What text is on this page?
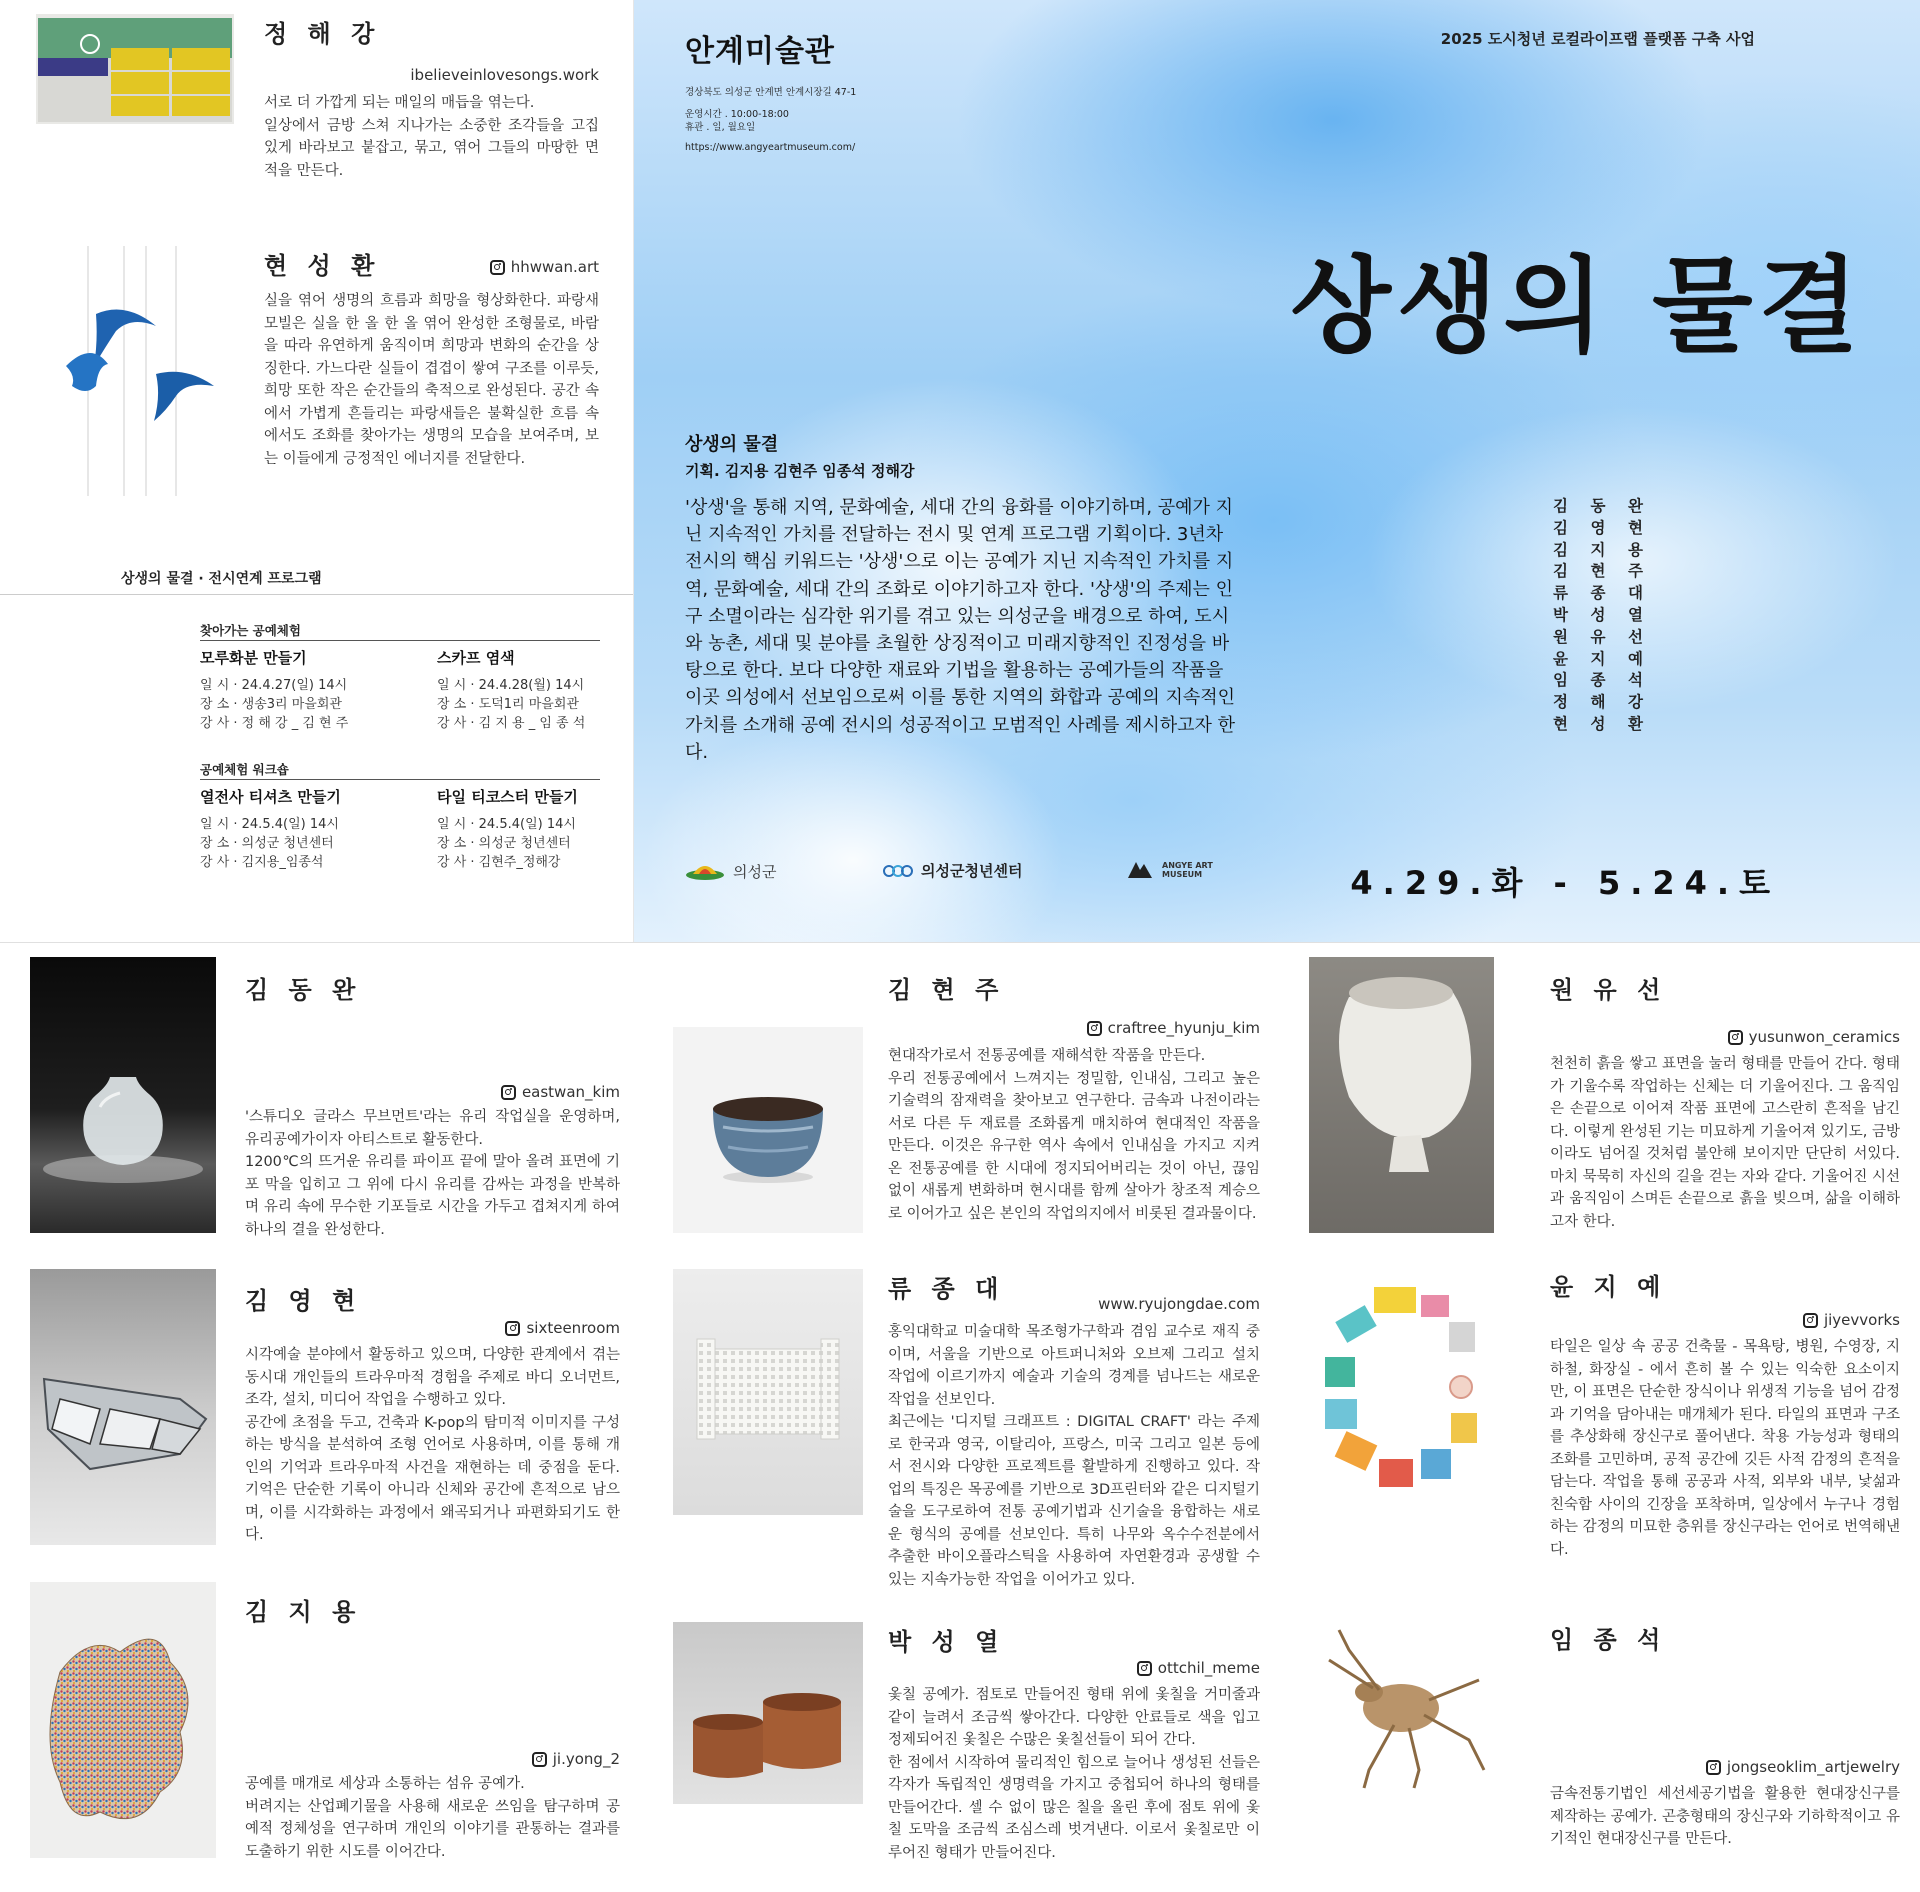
정 해 강
ibelieveinlovesongs.work
서로 더 가깝게 되는 매일의 매듭을 엮는다.
일상에서 금방 스쳐 지나가는 소중한 조각들을 고집 있게 바라보고 붙잡고, 묶고, 엮어 그들의 마땅한 면적을 만든다.
현 성 환	hhwwan.art
실을 엮어 생명의 흐름과 희망을 형상화한다. 파랑새 모빌은 실을 한 올 한 올 엮어 완성한 조형물로, 바람을 따라 유연하게 움직이며 희망과 변화의 순간을 상징한다. 가느다란 실들이 겹겹이 쌓여 구조를 이루듯, 희망 또한 작은 순간들의 축적으로 완성된다. 공간 속에서 가볍게 흔들리는 파랑새들은 불확실한 흐름 속에서도 조화를 찾아가는 생명의 모습을 보여주며, 보는 이들에게 긍정적인 에너지를 전달한다.
상생의 물결 · 전시연계 프로그램
찾아가는 공예체험
모루화분 만들기
일 시 · 24.4.27(일) 14시
장 소 · 생송3리 마을회관
강 사 · 정 해 강 _ 김 현 주
스카프 염색
일 시 · 24.4.28(월) 14시
장 소 · 도덕1리 마을회관
강 사 · 김 지 용 _ 임 종 석
공예체험 워크숍
열전사 티셔츠 만들기
일 시 · 24.5.4(일) 14시
장 소 · 의성군 청년센터
강 사 · 김지용_임종석
타일 티코스터 만들기
일 시 · 24.5.4(일) 14시
장 소 · 의성군 청년센터
강 사 · 김현주_정해강
안계미술관
경상북도 의성군 안계면 안계시장길 47-1
운영시간 . 10:00-18:00
휴관 . 일, 월요일
https://www.angyeartmuseum.com/
2025 도시청년 로컬라이프랩 플랫폼 구축 사업
상생의 물결
상생의 물결
기획. 김지용 김현주 임종석 정해강
'상생'을 통해 지역, 문화예술, 세대 간의 융화를 이야기하며, 공예가 지닌 지속적인 가치를 전달하는 전시 및 연계 프로그램 기획이다. 3년차 전시의 핵심 키워드는 '상생'으로 이는 공예가 지닌 지속적인 가치를 지역, 문화예술, 세대 간의 조화로 이야기하고자 한다. '상생'의 주제는 인구 소멸이라는 심각한 위기를 겪고 있는 의성군을 배경으로 하여, 도시와 농촌, 세대 및 분야를 초월한 상징적이고 미래지향적인 진정성을 바탕으로 한다. 보다 다양한 재료와 기법을 활용하는 공예가들의 작품을 이곳 의성에서 선보임으로써 이를 통한 지역의 화합과 공예의 지속적인 가치를 소개해 공예 전시의 성공적이고 모범적인 사례를 제시하고자 한다.
김 동 완
김 영 현
김 지 용
김 현 주
류 종 대
박 성 열
원 유 선
윤 지 예
임 종 석
정 해 강
현 성 환
의성군	의성군청년센터	ANGYE ART MUSEUM	4.29.화 - 5.24.토
김 동 완
eastwan_kim
'스튜디오 글라스 무브먼트'라는 유리 작업실을 운영하며, 유리공예가이자 아티스트로 활동한다.
1200℃의 뜨거운 유리를 파이프 끝에 말아 올려 표면에 기포 막을 입히고 그 위에 다시 유리를 감싸는 과정을 반복하며 유리 속에 무수한 기포들로 시간을 가두고 겹쳐지게 하여 하나의 결을 완성한다.
김 영 현
sixteenroom
시각예술 분야에서 활동하고 있으며, 다양한 관계에서 겪는 동시대 개인들의 트라우마적 경험을 주제로 바디 오너먼트, 조각, 설치, 미디어 작업을 수행하고 있다.
공간에 초점을 두고, 건축과 K-pop의 탐미적 이미지를 구성하는 방식을 분석하여 조형 언어로 사용하며, 이를 통해 개인의 기억과 트라우마적 사건을 재현하는 데 중점을 둔다. 기억은 단순한 기록이 아니라 신체와 공간에 흔적으로 남으며, 이를 시각화하는 과정에서 왜곡되거나 파편화되기도 한다.
김 지 용
ji.yong_2
공예를 매개로 세상과 소통하는 섬유 공예가.
버려지는 산업폐기물을 사용해 새로운 쓰임을 탐구하며 공예적 정체성을 연구하며 개인의 이야기를 관통하는 결과를 도출하기 위한 시도를 이어간다.
김 현 주
craftree_hyunju_kim
현대작가로서 전통공예를 재해석한 작품을 만든다.
우리 전통공예에서 느껴지는 정밀함, 인내심, 그리고 높은 기술력의 잠재력을 찾아보고 연구한다. 금속과 나전이라는 서로 다른 두 재료를 조화롭게 매치하여 현대적인 작품을 만든다. 이것은 유구한 역사 속에서 인내심을 가지고 지켜온 전통공예를 한 시대에 정지되어버리는 것이 아닌, 끊임없이 새롭게 변화하며 현시대를 함께 살아가 창조적 계승으로 이어가고 싶은 본인의 작업의지에서 비롯된 결과물이다.
류 종 대
www.ryujongdae.com
홍익대학교 미술대학 목조형가구학과 겸임 교수로 재직 중이며, 서울을 기반으로 아트퍼니처와 오브제 그리고 설치 작업에 이르기까지 예술과 기술의 경계를 넘나드는 새로운 작업을 선보인다.
최근에는 '디지털 크래프트 : DIGITAL CRAFT' 라는 주제로 한국과 영국, 이탈리아, 프랑스, 미국 그리고 일본 등에서 전시와 다양한 프로젝트를 활발하게 진행하고 있다. 작업의 특징은 목공예를 기반으로 3D프린터와 같은 디지털기술을 도구로하여 전통 공예기법과 신기술을 융합하는 새로운 형식의 공예를 선보인다. 특히 나무와 옥수수전분에서 추출한 바이오플라스틱을 사용하여 자연환경과 공생할 수 있는 지속가능한 작업을 이어가고 있다.
박 성 열
ottchil_meme
옻칠 공예가. 점토로 만들어진 형태 위에 옻칠을 거미줄과 같이 늘려서 조금씩 쌓아간다. 다양한 안료들로 색을 입고 정제되어진 옻칠은 수많은 옻칠선들이 되어 간다.
한 점에서 시작하여 물리적인 힘으로 늘어나 생성된 선들은 각자가 독립적인 생명력을 가지고 중첩되어 하나의 형태를 만들어간다. 셀 수 없이 많은 칠을 올린 후에 점토 위에 옻칠 도막을 조금씩 조심스레 벗겨낸다. 이로서 옻칠로만 이루어진 형태가 만들어진다.
원 유 선
yusunwon_ceramics
천천히 흙을 쌓고 표면을 눌러 형태를 만들어 간다. 형태가 기울수록 작업하는 신체는 더 기울어진다. 그 움직임은 손끝으로 이어져 작품 표면에 고스란히 흔적을 남긴다. 이렇게 완성된 기는 미묘하게 기울어져 있기도, 금방이라도 넘어질 것처럼 불안해 보이지만 단단히 서있다. 마치 묵묵히 자신의 길을 걷는 자와 같다. 기울어진 시선과 움직임이 스며든 손끝으로 흙을 빚으며, 삶을 이해하고자 한다.
윤 지 예
jiyevvorks
타일은 일상 속 공공 건축물 - 목욕탕, 병원, 수영장, 지하철, 화장실 - 에서 흔히 볼 수 있는 익숙한 요소이지만, 이 표면은 단순한 장식이나 위생적 기능을 넘어 감정과 기억을 담아내는 매개체가 된다. 타일의 표면과 구조를 추상화해 장신구로 풀어낸다. 착용 가능성과 형태의 조화를 고민하며, 공적 공간에 깃든 사적 감정의 흔적을 담는다. 작업을 통해 공공과 사적, 외부와 내부, 낯섦과 친숙함 사이의 긴장을 포착하며, 일상에서 누구나 경험하는 감정의 미묘한 층위를 장신구라는 언어로 번역해낸다.
임 종 석
jongseoklim_artjewelry
금속전통기법인 세선세공기법을 활용한 현대장신구를 제작하는 공예가. 곤충형태의 장신구와 기하학적이고 유기적인 현대장신구를 만든다.
